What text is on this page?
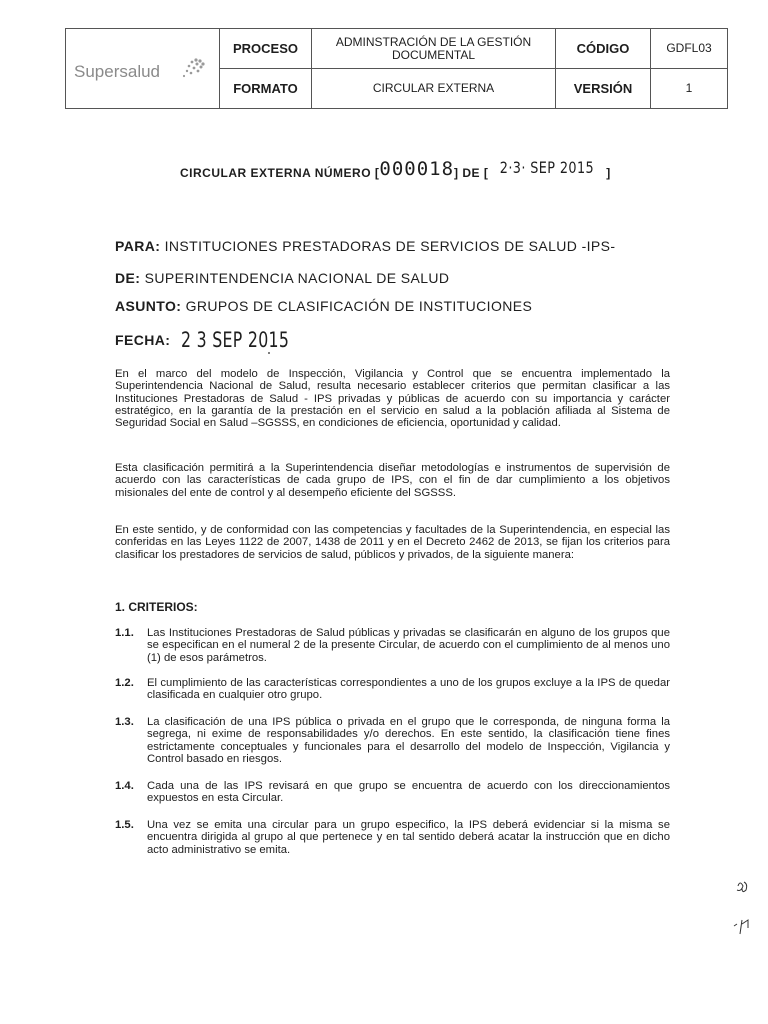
Supersalud	PROCESO	ADMINSTRACIÓN DE LA GESTIÓN DOCUMENTAL	CÓDIGO	GDFL03
	FORMATO	CIRCULAR EXTERNA	VERSIÓN	1
CIRCULAR EXTERNA NÚMERO [000018] DE [ 2·3· SEP 2015 ]
PARA: INSTITUCIONES PRESTADORAS DE SERVICIOS DE SALUD -IPS-
DE: SUPERINTENDENCIA NACIONAL DE SALUD
ASUNTO: GRUPOS DE CLASIFICACIÓN DE INSTITUCIONES
FECHA: 2 3 SEP 2015

En el marco del modelo de Inspección, Vigilancia y Control que se encuentra implementado la Superintendencia Nacional de Salud, resulta necesario establecer criterios que permitan clasificar a las Instituciones Prestadoras de Salud - IPS privadas y públicas de acuerdo con su importancia y carácter estratégico, en la garantía de la prestación en el servicio en salud a la población afiliada al Sistema de Seguridad Social en Salud –SGSSS, en condiciones de eficiencia, oportunidad y calidad.

Esta clasificación permitirá a la Superintendencia diseñar metodologías e instrumentos de supervisión de acuerdo con las características de cada grupo de IPS, con el fin de dar cumplimiento a los objetivos misionales del ente de control y al desempeño eficiente del SGSSS.

En este sentido, y de conformidad con las competencias y facultades de la Superintendencia, en especial las conferidas en las Leyes 1122 de 2007, 1438 de 2011 y en el Decreto 2462 de 2013, se fijan los criterios para clasificar los prestadores de servicios de salud, públicos y privados, de la siguiente manera:

1. CRITERIOS:
1.1. Las Instituciones Prestadoras de Salud públicas y privadas se clasificarán en alguno de los grupos que se especifican en el numeral 2 de la presente Circular, de acuerdo con el cumplimiento de al menos uno (1) de esos parámetros.
1.2. El cumplimiento de las características correspondientes a uno de los grupos excluye a la IPS de quedar clasificada en cualquier otro grupo.
1.3. La clasificación de una IPS pública o privada en el grupo que le corresponda, de ninguna forma la segrega, ni exime de responsabilidades y/o derechos. En este sentido, la clasificación tiene fines estrictamente conceptuales y funcionales para el desarrollo del modelo de Inspección, Vigilancia y Control basado en riesgos.
1.4. Cada una de las IPS revisará en que grupo se encuentra de acuerdo con los direccionamientos expuestos en esta Circular.
1.5. Una vez se emita una circular para un grupo especifico, la IPS deberá evidenciar si la misma se encuentra dirigida al grupo al que pertenece y en tal sentido deberá acatar la instrucción que en dicho acto administrativo se emita.
